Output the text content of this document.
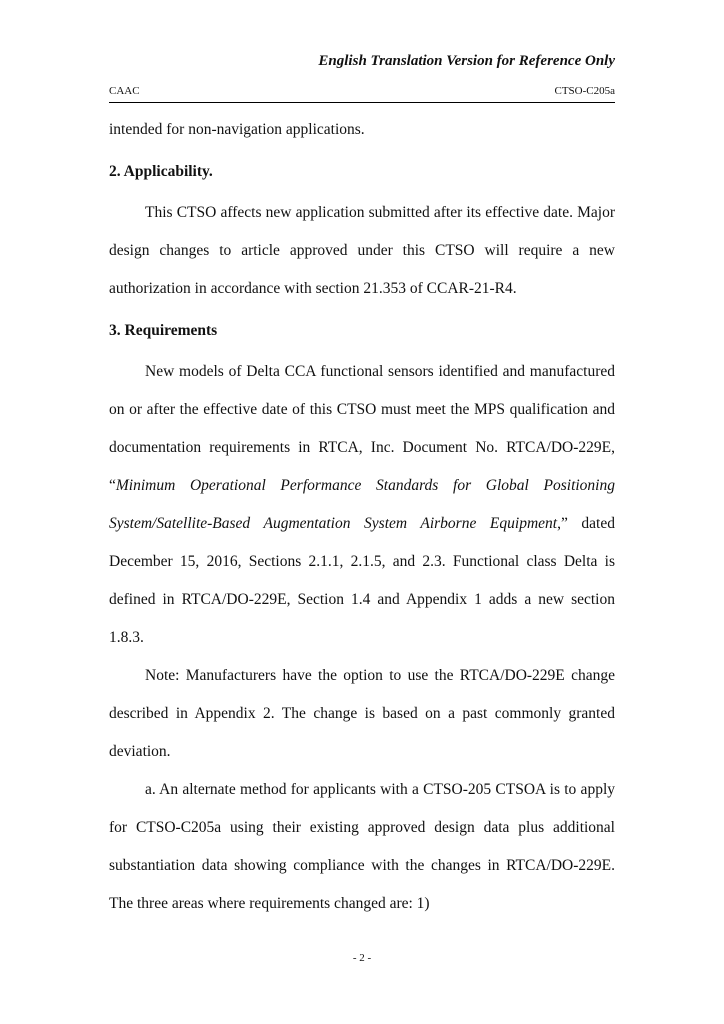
English Translation Version for Reference Only
CAAC	CTSO-C205a

intended for non-navigation applications.

2. Applicability.

This CTSO affects new application submitted after its effective date. Major design changes to article approved under this CTSO will require a new authorization in accordance with section 21.353 of CCAR-21-R4.

3. Requirements

New models of Delta CCA functional sensors identified and manufactured on or after the effective date of this CTSO must meet the MPS qualification and documentation requirements in RTCA, Inc. Document No. RTCA/DO-229E, “Minimum Operational Performance Standards for Global Positioning System/Satellite-Based Augmentation System Airborne Equipment,” dated December 15, 2016, Sections 2.1.1, 2.1.5, and 2.3. Functional class Delta is defined in RTCA/DO-229E, Section 1.4 and Appendix 1 adds a new section 1.8.3.

Note: Manufacturers have the option to use the RTCA/DO-229E change described in Appendix 2. The change is based on a past commonly granted deviation.

a. An alternate method for applicants with a CTSO-205 CTSOA is to apply for CTSO-C205a using their existing approved design data plus additional substantiation data showing compliance with the changes in RTCA/DO-229E. The three areas where requirements changed are: 1)

- 2 -
